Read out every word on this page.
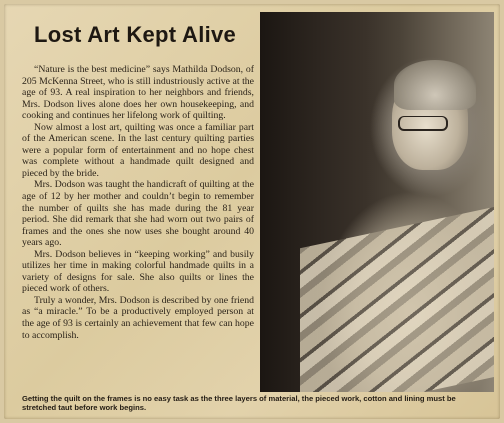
Lost Art Kept Alive

“Nature is the best medicine” says Mathilda Dodson, of 205 McKenna Street, who is still industriously active at the age of 93. A real inspiration to her neighbors and friends, Mrs. Dodson lives alone does her own housekeeping, and cooking and continues her lifelong work of quilting.

Now almost a lost art, quilting was once a familiar part of the American scene. In the last century quilting parties were a popular form of entertainment and no hope chest was complete without a handmade quilt designed and pieced by the bride.

Mrs. Dodson was taught the handicraft of quilting at the age of 12 by her mother and couldn’t begin to remember the number of quilts she has made during the 81 year period. She did remark that she had worn out two pairs of frames and the ones she now uses she bought around 40 years ago.

Mrs. Dodson believes in “keeping working” and busily utilizes her time in making colorful handmade quilts in a variety of designs for sale. She also quilts or lines the pieced work of others.

Truly a wonder, Mrs. Dodson is described by one friend as “a miracle.” To be a productively employed person at the age of 93 is certainly an achievement that few can hope to accomplish.

Getting the quilt on the frames is no easy task as the three layers of material, the pieced work, cotton and lining must be stretched taut before work begins.
